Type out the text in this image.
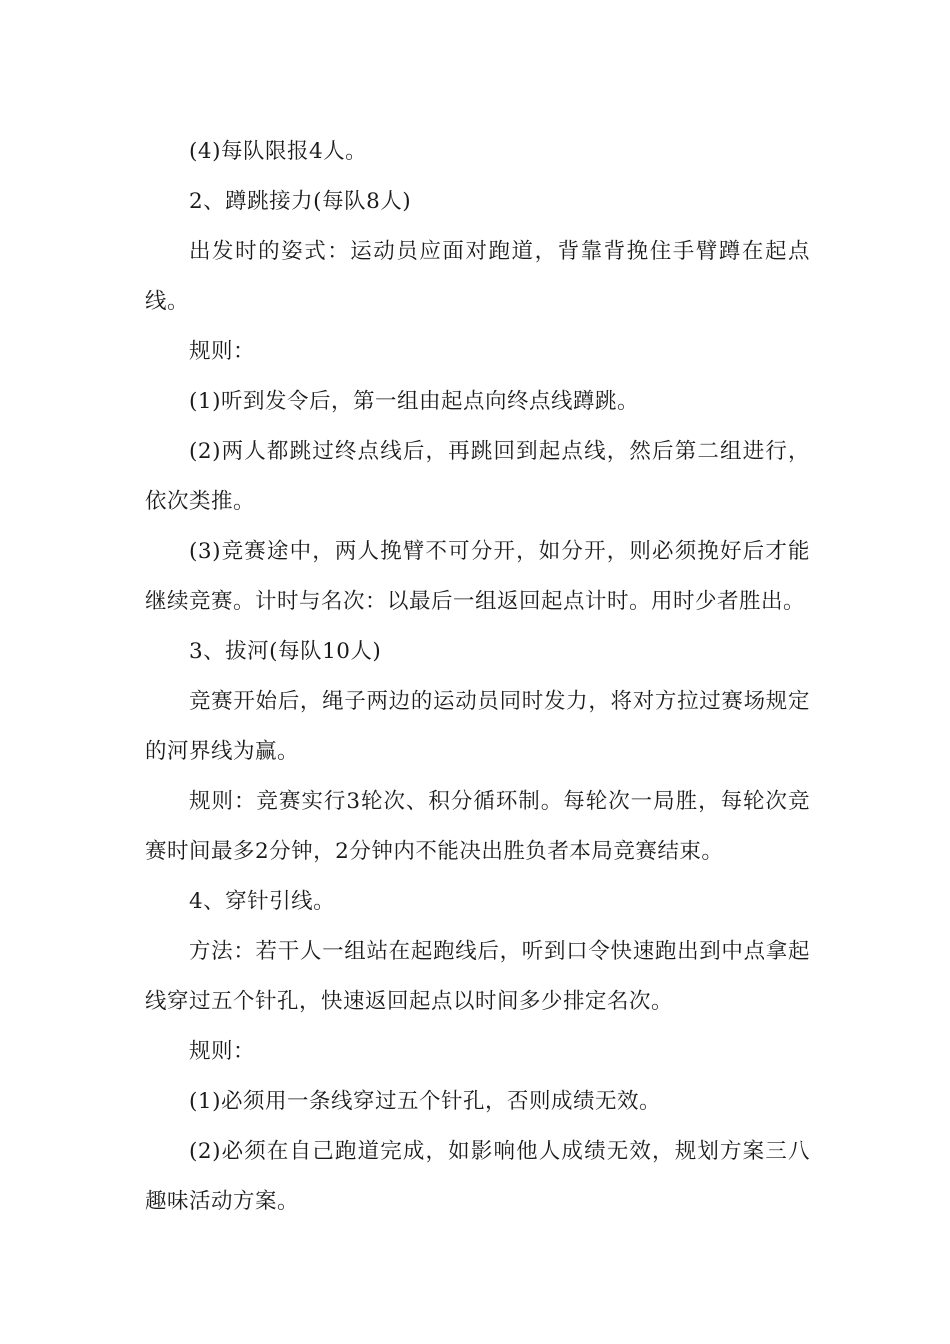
(4)每队限报4人。

2、蹲跳接力(每队8人)

出发时的姿式：运动员应面对跑道，背靠背挽住手臂蹲在起点线。

规则：

(1)听到发令后，第一组由起点向终点线蹲跳。

(2)两人都跳过终点线后，再跳回到起点线，然后第二组进行，依次类推。

(3)竞赛途中，两人挽臂不可分开，如分开，则必须挽好后才能继续竞赛。计时与名次：以最后一组返回起点计时。用时少者胜出。

3、拔河(每队10人)

竞赛开始后，绳子两边的运动员同时发力，将对方拉过赛场规定的河界线为赢。

规则：竞赛实行3轮次、积分循环制。每轮次一局胜，每轮次竞赛时间最多2分钟，2分钟内不能决出胜负者本局竞赛结束。

4、穿针引线。

方法：若干人一组站在起跑线后，听到口令快速跑出到中点拿起线穿过五个针孔，快速返回起点以时间多少排定名次。

规则：

(1)必须用一条线穿过五个针孔，否则成绩无效。

(2)必须在自己跑道完成，如影响他人成绩无效，规划方案三八趣味活动方案。
